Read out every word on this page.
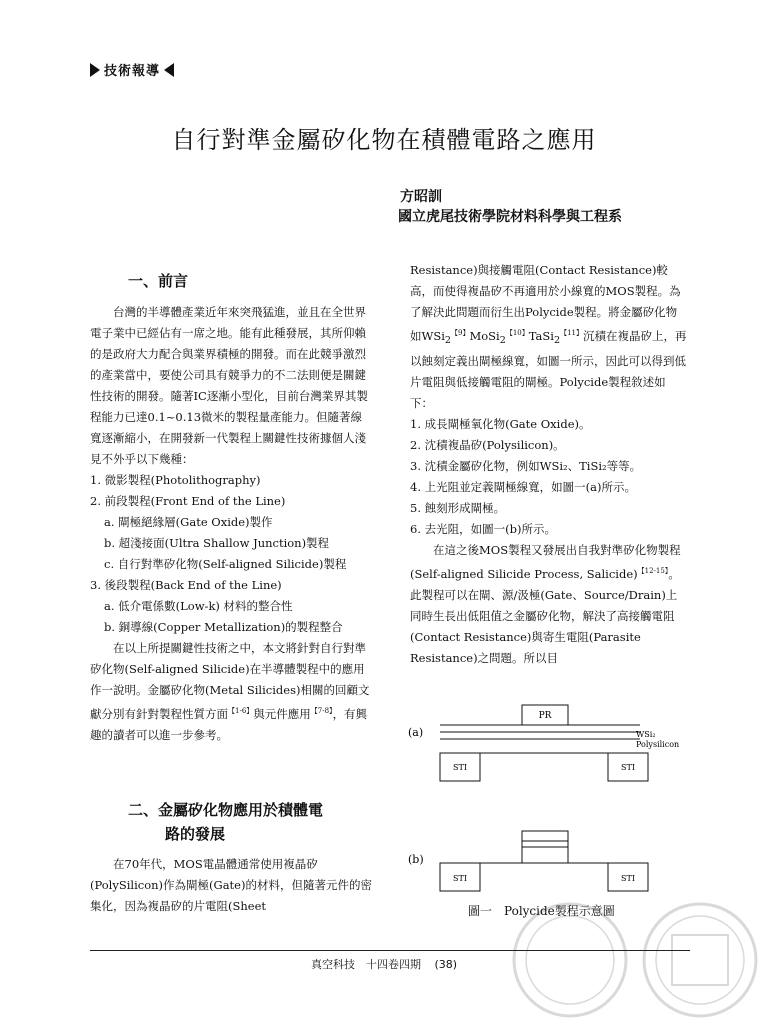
技術報導
自行對準金屬矽化物在積體電路之應用
方昭訓
國立虎尾技術學院材料科學與工程系
一、前言

台灣的半導體產業近年來突飛猛進，並且在全世界電子業中已經佔有一席之地。能有此種發展，其所仰賴的是政府大力配合與業界積極的開發。而在此競爭激烈的產業當中，要使公司具有競爭力的不二法則便是關鍵性技術的開發。隨著IC逐漸小型化，目前台灣業界其製程能力已達0.1~0.13微米的製程量產能力。但隨著線寬逐漸縮小，在開發新一代製程上關鍵性技術據個人淺見不外乎以下幾種：

1. 微影製程(Photolithography)

2. 前段製程(Front End of the Line)

a. 閘極絕緣層(Gate Oxide)製作

b. 超淺接面(Ultra Shallow Junction)製程

c. 自行對準矽化物(Self-aligned Silicide)製程

3. 後段製程(Back End of the Line)

a. 低介電係數(Low-k) 材料的整合性

b. 銅導線(Copper Metallization)的製程整合

在以上所提關鍵性技術之中，本文將針對自行對準矽化物(Self-aligned Silicide)在半導體製程中的應用作一說明。金屬矽化物(Metal Silicides)相關的回顧文獻分別有針對製程性質方面$^{【1-6】}$與元件應用$^{【7-8】}$，有興趣的讀者可以進一步參考。

二、金屬矽化物應用於積體電
路的發展

在70年代，MOS電晶體通常使用複晶矽(PolySilicon)作為閘極(Gate)的材料，但隨著元件的密集化，因為複晶矽的片電阻(Sheet

Resistance)與接觸電阻(Contact Resistance)較高，而使得複晶矽不再適用於小線寬的MOS製程。為了解決此問題而衍生出Polycide製程。將金屬矽化物如WSi$_2^{【9】}$MoSi$_2^{【10】}$TaSi$_2^{【11】}$沉積在複晶矽上，再以蝕刻定義出閘極線寬，如圖一所示，因此可以得到低片電阻與低接觸電阻的閘極。Polycide製程敘述如下：

1. 成長閘極氧化物(Gate Oxide)。

2. 沈積複晶矽(Polysilicon)。

3. 沈積金屬矽化物，例如WSi₂、TiSi₂等等。

4. 上光阻並定義閘極線寬，如圖一(a)所示。

5. 蝕刻形成閘極。

6. 去光阻，如圖一(b)所示。

在這之後MOS製程又發展出自我對準矽化物製程(Self-aligned Silicide Process, Salicide)$^{【12-15】}$。此製程可以在閘、源/汲極(Gate、Source/Drain)上同時生長出低阻值之金屬矽化物，解決了高接觸電阻(Contact Resistance)與寄生電阻(Parasite Resistance)之問題。所以目

(a)
PR
WSi₂
Polysilicon
STI	STI
(b)
STI	STI
圖一　Polycide製程示意圖
真空科技　十四卷四期 (38)
